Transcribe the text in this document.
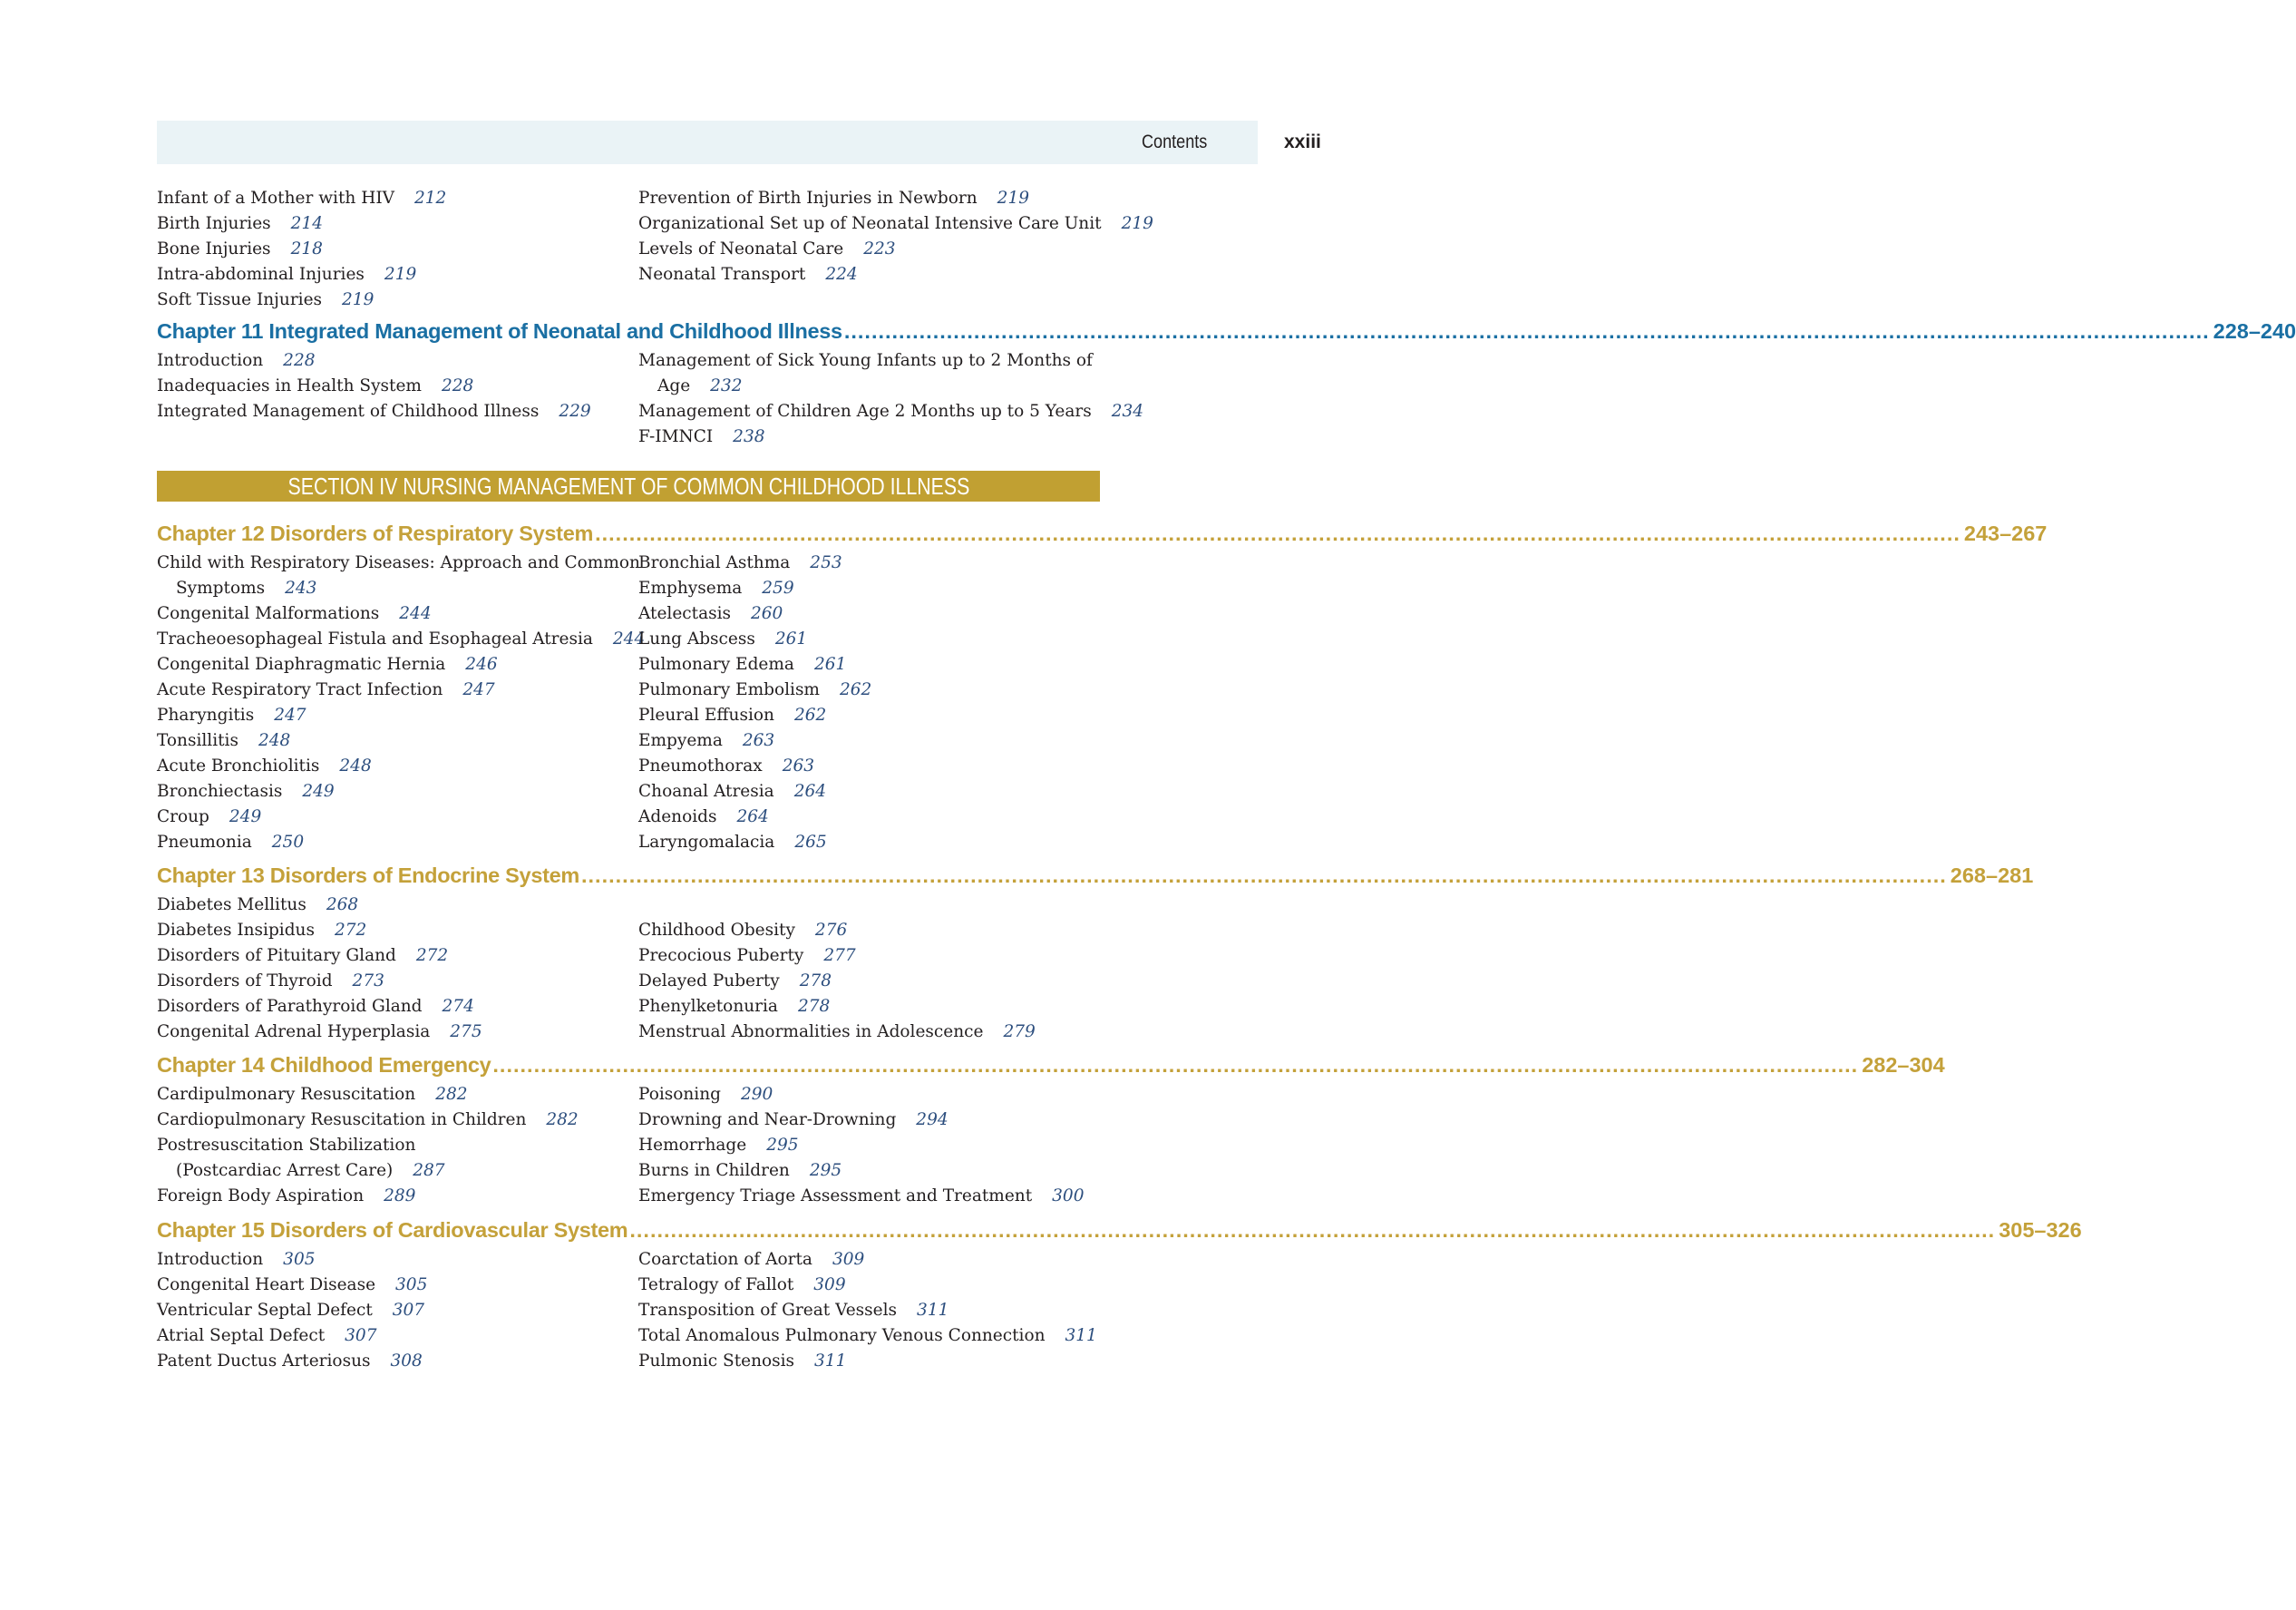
Contents	xxiii
Infant of a Mother with HIV 212
Birth Injuries 214
Bone Injuries 218
Intra-abdominal Injuries 219
Soft Tissue Injuries 219
Prevention of Birth Injuries in Newborn 219
Organizational Set up of Neonatal Intensive Care Unit 219
Levels of Neonatal Care 223
Neonatal Transport 224
Chapter 11 Integrated Management of Neonatal and Childhood Illness .....	228–240
Introduction 228
Inadequacies in Health System 228
Integrated Management of Childhood Illness 229
Management of Sick Young Infants up to 2 Months of
Age 232
Management of Children Age 2 Months up to 5 Years 234
F-IMNCI 238
SECTION IV NURSING MANAGEMENT OF COMMON CHILDHOOD ILLNESS
Chapter 12 Disorders of Respiratory System .....	243–267
Child with Respiratory Diseases: Approach and Common
Symptoms 243
Congenital Malformations 244
Tracheoesophageal Fistula and Esophageal Atresia 244
Congenital Diaphragmatic Hernia 246
Acute Respiratory Tract Infection 247
Pharyngitis 247
Tonsillitis 248
Acute Bronchiolitis 248
Bronchiectasis 249
Croup 249
Pneumonia 250
Bronchial Asthma 253
Emphysema 259
Atelectasis 260
Lung Abscess 261
Pulmonary Edema 261
Pulmonary Embolism 262
Pleural Effusion 262
Empyema 263
Pneumothorax 263
Choanal Atresia 264
Adenoids 264
Laryngomalacia 265
Chapter 13 Disorders of Endocrine System .....	268–281
Diabetes Mellitus 268
Diabetes Insipidus 272
Disorders of Pituitary Gland 272
Disorders of Thyroid 273
Disorders of Parathyroid Gland 274
Congenital Adrenal Hyperplasia 275

Childhood Obesity 276
Precocious Puberty 277
Delayed Puberty 278
Phenylketonuria 278
Menstrual Abnormalities in Adolescence 279
Chapter 14 Childhood Emergency .....	282–304
Cardipulmonary Resuscitation 282
Cardiopulmonary Resuscitation in Children 282
Postresuscitation Stabilization
(Postcardiac Arrest Care) 287
Foreign Body Aspiration 289
Poisoning 290
Drowning and Near-Drowning 294
Hemorrhage 295
Burns in Children 295
Emergency Triage Assessment and Treatment 300
Chapter 15 Disorders of Cardiovascular System .....	305–326
Introduction 305
Congenital Heart Disease 305
Ventricular Septal Defect 307
Atrial Septal Defect 307
Patent Ductus Arteriosus 308
Coarctation of Aorta 309
Tetralogy of Fallot 309
Transposition of Great Vessels 311
Total Anomalous Pulmonary Venous Connection 311
Pulmonic Stenosis 311
